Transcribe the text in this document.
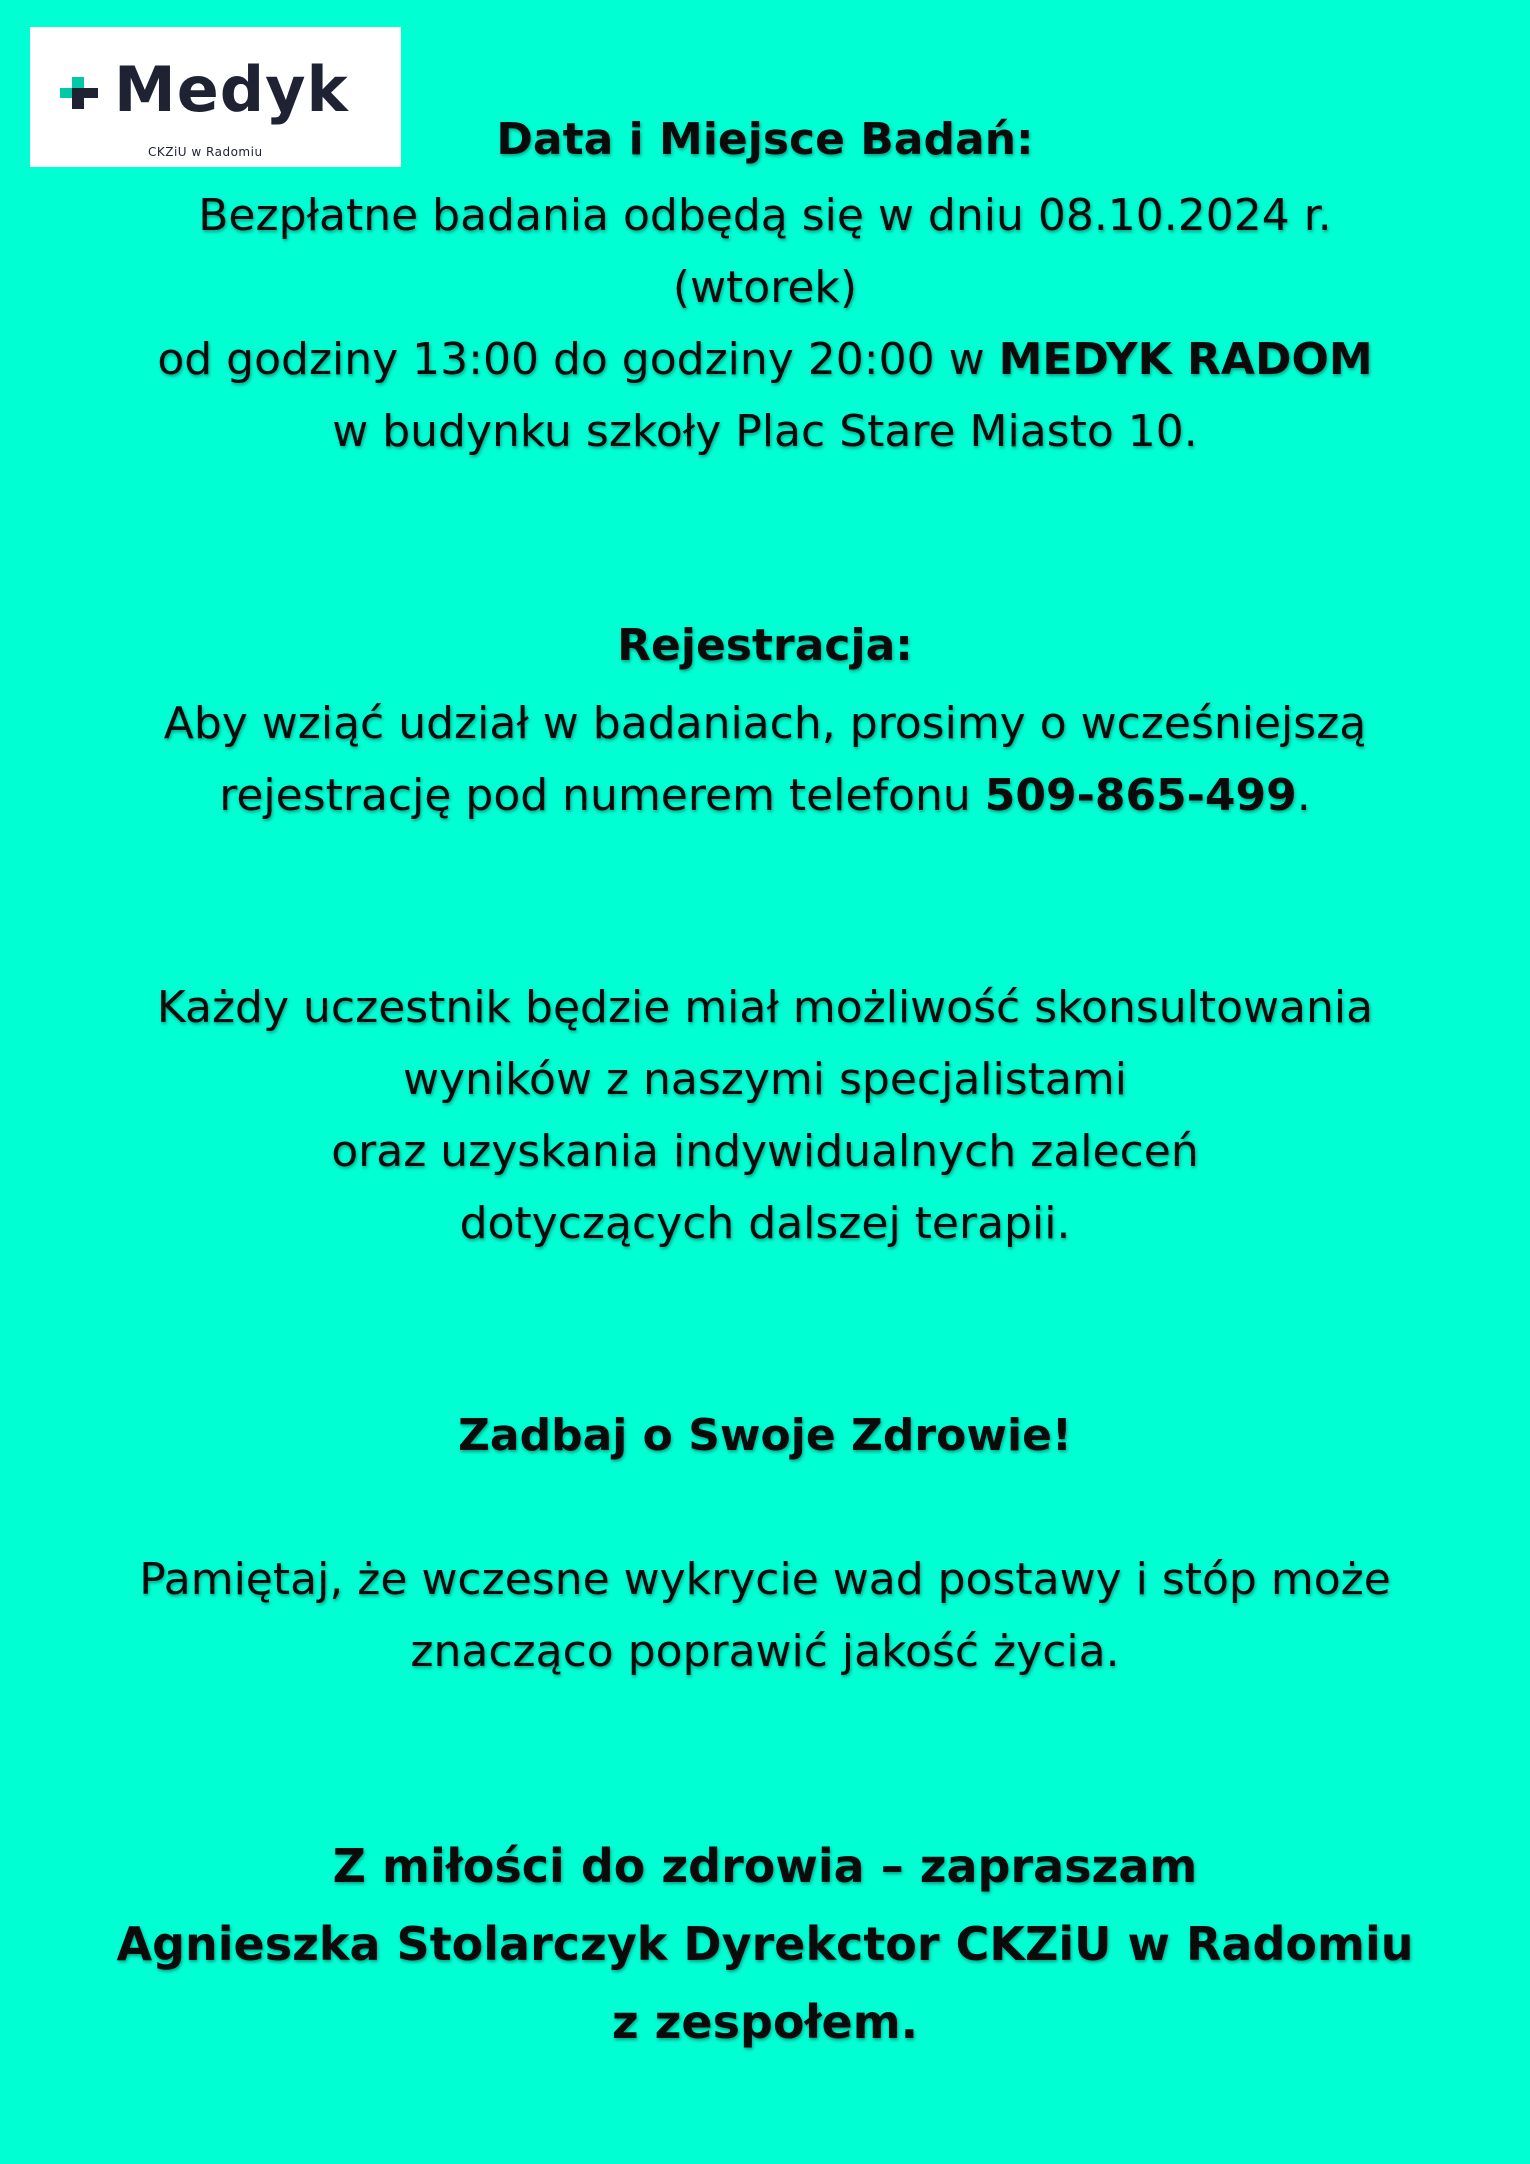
Medyk
CKZiU w Radomiu	Data i Miejsce Badań:
Bezpłatne badania odbędą się w dniu 08.10.2024 r.
(wtorek)
od godziny 13:00 do godziny 20:00 w MEDYK RADOM
w budynku szkoły Plac Stare Miasto 10.
Rejestracja:
Aby wziąć udział w badaniach, prosimy o wcześniejszą
rejestrację pod numerem telefonu 509-865-499.
Każdy uczestnik będzie miał możliwość skonsultowania
wyników z naszymi specjalistami
oraz uzyskania indywidualnych zaleceń
dotyczących dalszej terapii.
Zadbaj o Swoje Zdrowie!
Pamiętaj, że wczesne wykrycie wad postawy i stóp może
znacząco poprawić jakość życia.
Z miłości do zdrowia – zapraszam
Agnieszka Stolarczyk Dyrekctor CKZiU w Radomiu
z zespołem.
